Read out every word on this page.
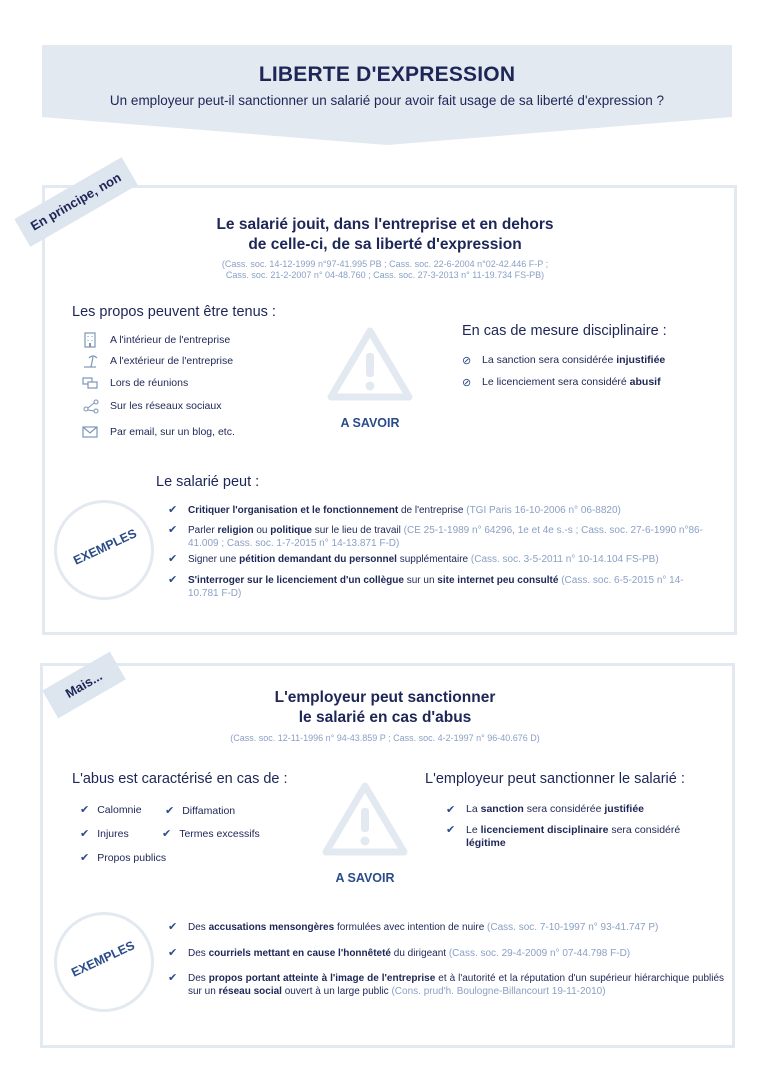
LIBERTE D'EXPRESSION
Un employeur peut-il sanctionner un salarié pour avoir fait usage de sa liberté d'expression ?
En principe, non	Le salarié jouit, dans l'entreprise et en dehors
de celle-ci, de sa liberté d'expression
(Cass. soc. 14-12-1999 n°97-41.995 PB ; Cass. soc. 22-6-2004 n°02-42.446 F-P ;
Cass. soc. 21-2-2007 n° 04-48.760 ; Cass. soc. 27-3-2013 n° 11-19.734 FS-PB)
Les propos peuvent être tenus :
A l'intérieur de l'entreprise
A l'extérieur de l'entreprise
Lors de réunions
Sur les réseaux sociaux
Par email, sur un blog, etc.
A SAVOIR
En cas de mesure disciplinaire :
⊘	La sanction sera considérée injustifiée
⊘	Le licenciement sera considéré abusif
Le salarié peut :
EXEMPLES
✔	Critiquer l'organisation et le fonctionnement de l'entreprise (TGI Paris 16-10-2006 n° 06-8820)
✔	Parler religion ou politique sur le lieu de travail (CE 25-1-1989 n° 64296, 1e et 4e s.-s ; Cass. soc. 27-6-1990 n°86-41.009 ; Cass. soc. 1-7-2015 n° 14-13.871 F-D)
✔	Signer une pétition demandant du personnel supplémentaire (Cass. soc. 3-5-2011 n° 10-14.104 FS-PB)
✔	S'interroger sur le licenciement d'un collègue sur un site internet peu consulté (Cass. soc. 6-5-2015 n° 14-10.781 F-D)
Mais...	L'employeur peut sanctionner
le salarié en cas d'abus
(Cass. soc. 12-11-1996 n° 94-43.859 P ; Cass. soc. 4-2-1997 n° 96-40.676 D)
L'abus est caractérisé en cas de :
✔ Calomnie ✔ Diffamation
✔ Injures	✔ Termes excessifs
✔ Propos publics
A SAVOIR
L'employeur peut sanctionner le salarié :
✔	La sanction sera considérée justifiée
✔	Le licenciement disciplinaire sera considéré légitime
EXEMPLES
✔	Des accusations mensongères formulées avec intention de nuire (Cass. soc. 7-10-1997 n° 93-41.747 P)
✔	Des courriels mettant en cause l'honnêteté du dirigeant (Cass. soc. 29-4-2009 n° 07-44.798 F-D)
✔	Des propos portant atteinte à l'image de l'entreprise et à l'autorité et la réputation d'un supérieur hiérarchique publiés sur un réseau social ouvert à un large public (Cons. prud'h. Boulogne-Billancourt 19-11-2010)
